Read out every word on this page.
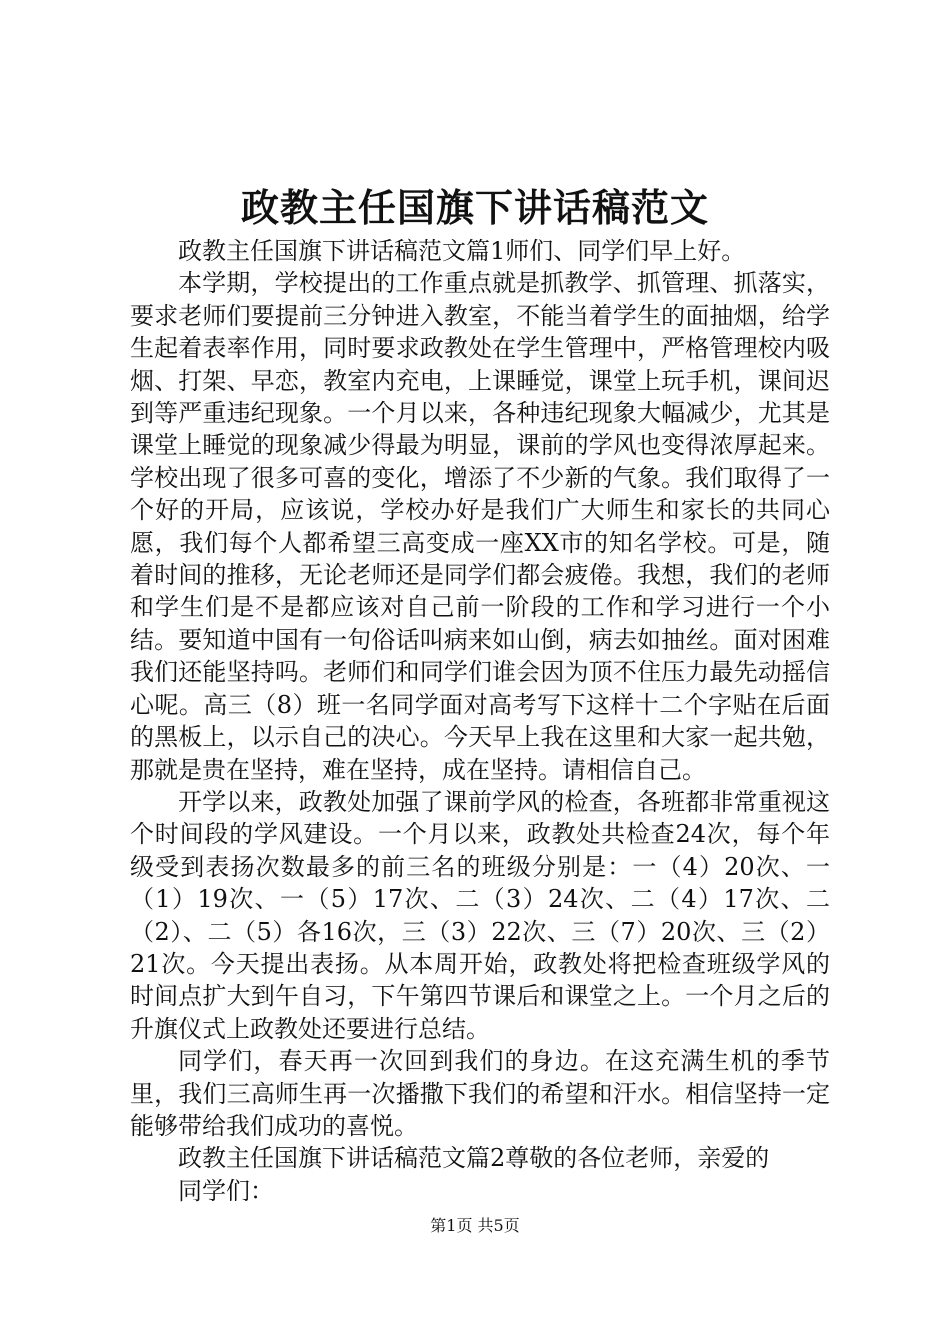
政教主任国旗下讲话稿范文

政教主任国旗下讲话稿范文篇1师们、同学们早上好。

本学期，学校提出的工作重点就是抓教学、抓管理、抓落实，要求老师们要提前三分钟进入教室，不能当着学生的面抽烟，给学生起着表率作用，同时要求政教处在学生管理中，严格管理校内吸烟、打架、早恋，教室内充电，上课睡觉，课堂上玩手机，课间迟到等严重违纪现象。一个月以来，各种违纪现象大幅减少，尤其是课堂上睡觉的现象减少得最为明显，课前的学风也变得浓厚起来。学校出现了很多可喜的变化，增添了不少新的气象。我们取得了一个好的开局，应该说，学校办好是我们广大师生和家长的共同心愿，我们每个人都希望三高变成一座XX市的知名学校。可是，随着时间的推移，无论老师还是同学们都会疲倦。我想，我们的老师和学生们是不是都应该对自己前一阶段的工作和学习进行一个小结。要知道中国有一句俗话叫病来如山倒，病去如抽丝。面对困难我们还能坚持吗。老师们和同学们谁会因为顶不住压力最先动摇信心呢。高三（8）班一名同学面对高考写下这样十二个字贴在后面的黑板上，以示自己的决心。今天早上我在这里和大家一起共勉，那就是贵在坚持，难在坚持，成在坚持。请相信自己。

开学以来，政教处加强了课前学风的检查，各班都非常重视这个时间段的学风建设。一个月以来，政教处共检查24次，每个年级受到表扬次数最多的前三名的班级分别是：一（4）20次、一（1）19次、一（5）17次、二（3）24次、二（4）17次、二（2）、二（5）各16次，三（3）22次、三（7）20次、三（2）21次。今天提出表扬。从本周开始，政教处将把检查班级学风的时间点扩大到午自习，下午第四节课后和课堂之上。一个月之后的升旗仪式上政教处还要进行总结。

同学们，春天再一次回到我们的身边。在这充满生机的季节里，我们三高师生再一次播撒下我们的希望和汗水。相信坚持一定能够带给我们成功的喜悦。

政教主任国旗下讲话稿范文篇2尊敬的各位老师，亲爱的

同学们：

第1页 共5页
